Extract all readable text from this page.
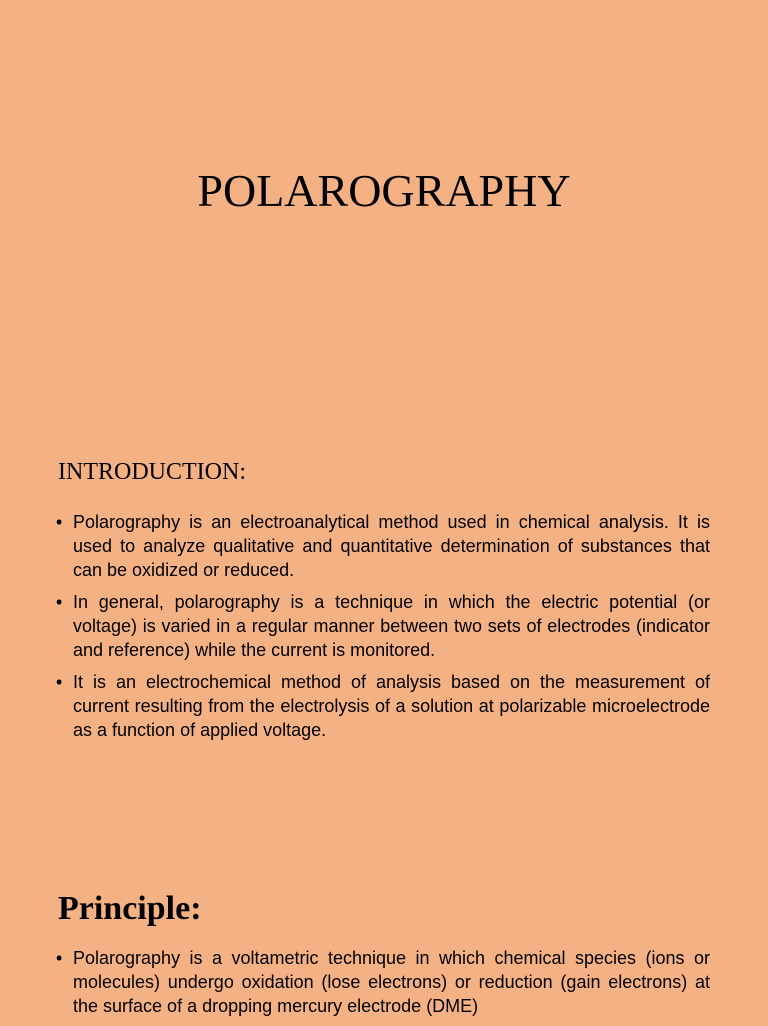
POLAROGRAPHY
INTRODUCTION:
• Polarography is an electroanalytical method used in chemical analysis. It is used to analyze qualitative and quantitative determination of substances that can be oxidized or reduced.
• In general, polarography is a technique in which the electric potential (or voltage) is varied in a regular manner between two sets of electrodes (indicator and reference) while the current is monitored.
• It is an electrochemical method of analysis based on the measurement of current resulting from the electrolysis of a solution at polarizable microelectrode as a function of applied voltage.
Principle:
• Polarography is a voltametric technique in which chemical species (ions or molecules) undergo oxidation (lose electrons) or reduction (gain electrons) at the surface of a dropping mercury electrode (DME)
